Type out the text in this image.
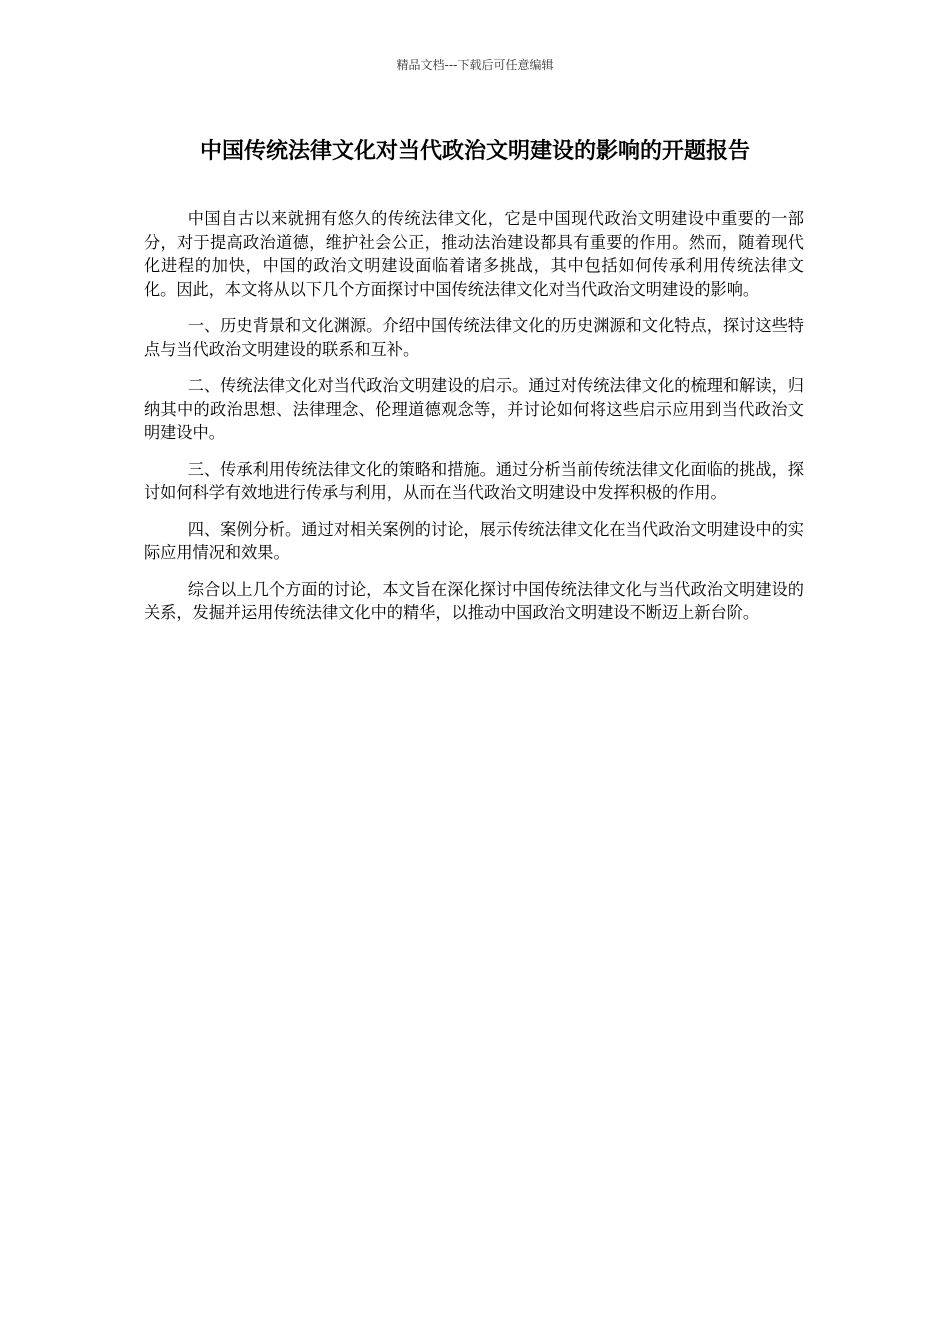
精品文档---下载后可任意编辑
中国传统法律文化对当代政治文明建设的影响的开题报告

中国自古以来就拥有悠久的传统法律文化，它是中国现代政治文明建设中重要的一部分，对于提高政治道德，维护社会公正，推动法治建设都具有重要的作用。然而，随着现代化进程的加快，中国的政治文明建设面临着诸多挑战，其中包括如何传承利用传统法律文化。因此，本文将从以下几个方面探讨中国传统法律文化对当代政治文明建设的影响。

一、历史背景和文化渊源。介绍中国传统法律文化的历史渊源和文化特点，探讨这些特点与当代政治文明建设的联系和互补。

二、传统法律文化对当代政治文明建设的启示。通过对传统法律文化的梳理和解读，归纳其中的政治思想、法律理念、伦理道德观念等，并讨论如何将这些启示应用到当代政治文明建设中。

三、传承利用传统法律文化的策略和措施。通过分析当前传统法律文化面临的挑战，探讨如何科学有效地进行传承与利用，从而在当代政治文明建设中发挥积极的作用。

四、案例分析。通过对相关案例的讨论，展示传统法律文化在当代政治文明建设中的实际应用情况和效果。

综合以上几个方面的讨论，本文旨在深化探讨中国传统法律文化与当代政治文明建设的关系，发掘并运用传统法律文化中的精华，以推动中国政治文明建设不断迈上新台阶。
